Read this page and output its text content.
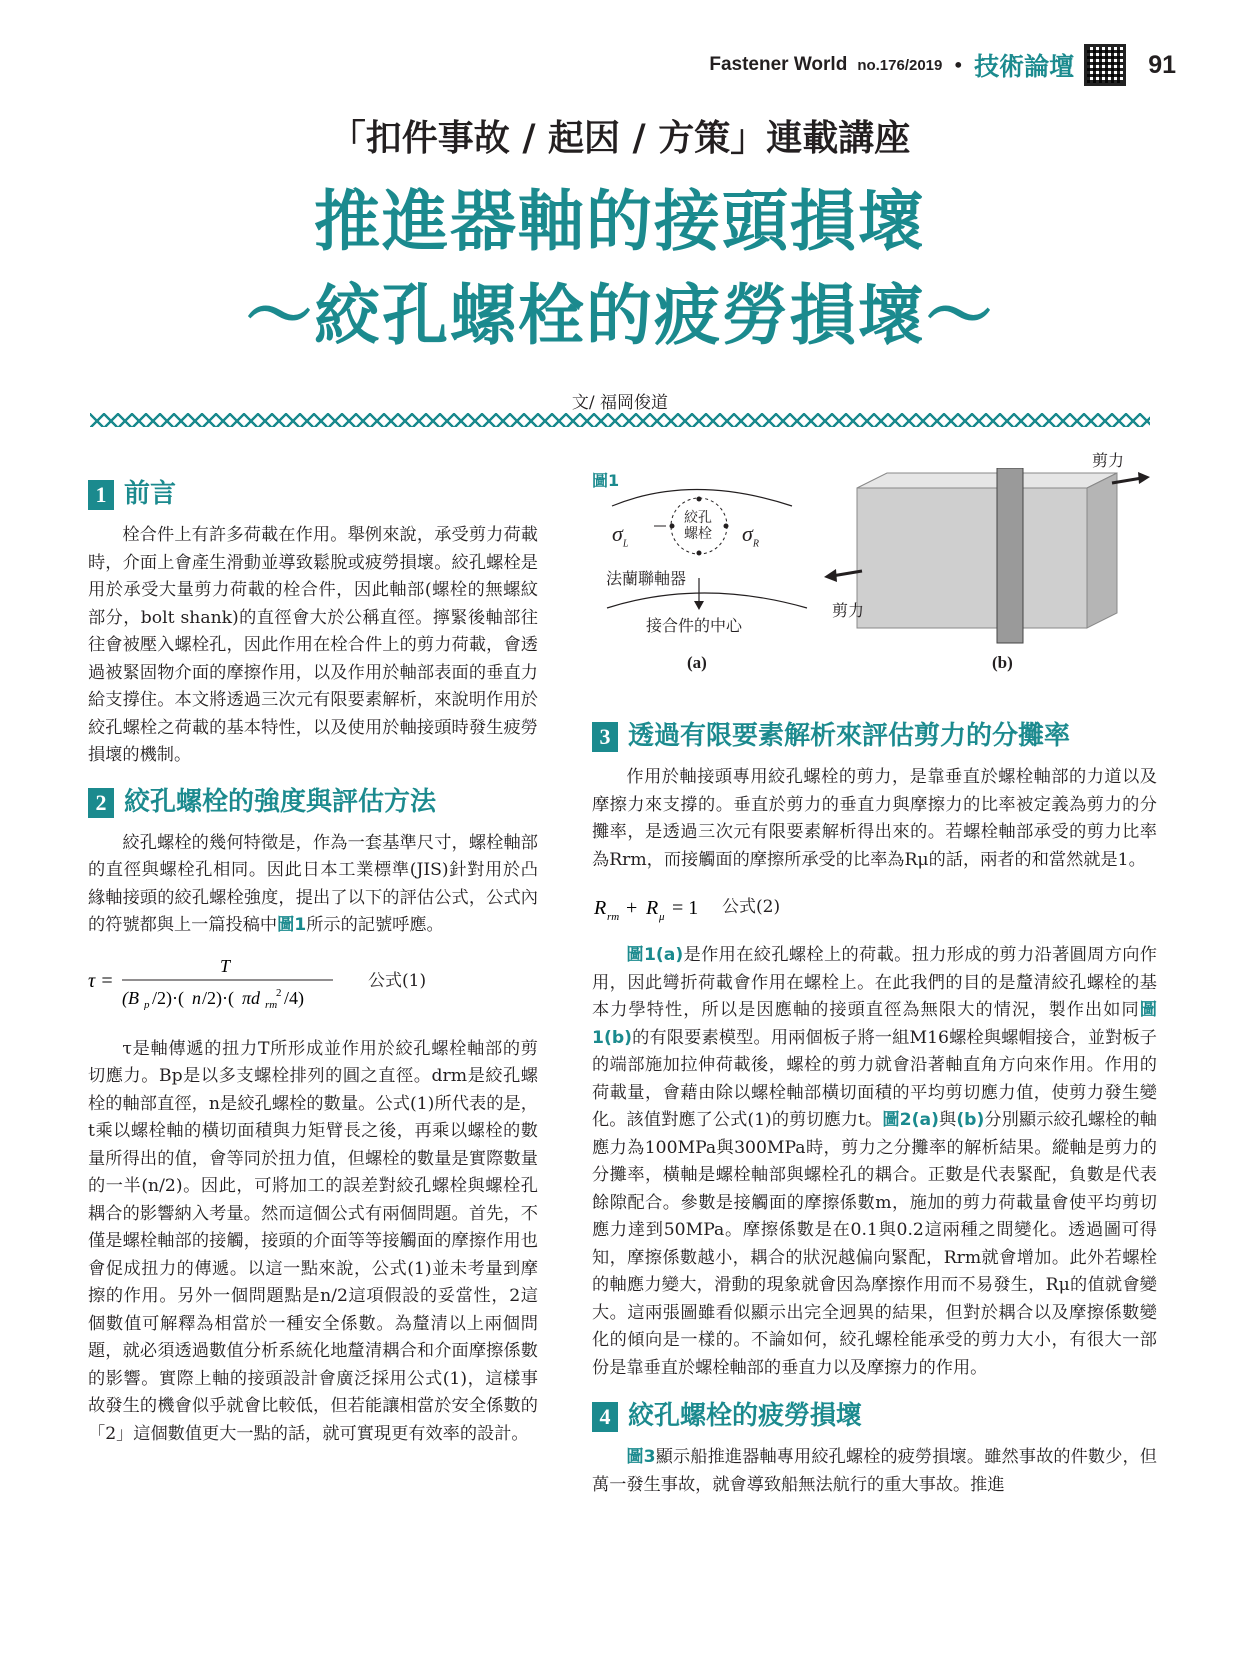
Fastener World no.176/2019 • 技術論壇	91
「扣件事故 / 起因 / 方策」連載講座
推進器軸的接頭損壞
～絞孔螺栓的疲勞損壞～
文/ 福岡俊道
1 前言

栓合件上有許多荷載在作用。舉例來說，承受剪力荷載時，介面上會產生滑動並導致鬆脫或疲勞損壞。絞孔螺栓是用於承受大量剪力荷載的栓合件，因此軸部(螺栓的無螺紋部分，bolt shank)的直徑會大於公稱直徑。擰緊後軸部往往會被壓入螺栓孔，因此作用在栓合件上的剪力荷載，會透過被緊固物介面的摩擦作用，以及作用於軸部表面的垂直力給支撐住。本文將透過三次元有限要素解析，來說明作用於絞孔螺栓之荷載的基本特性，以及使用於軸接頭時發生疲勞損壞的機制。

2 絞孔螺栓的強度與評估方法

絞孔螺栓的幾何特徵是，作為一套基準尺寸，螺栓軸部的直徑與螺栓孔相同。因此日本工業標準(JIS)針對用於凸緣軸接頭的絞孔螺栓強度，提出了以下的評估公式，公式內的符號都與上一篇投稿中圖1所示的記號呼應。

τ =
T
(B p /2)·( n /2)·( πd rm
2 /4)
公式(1)

τ是軸傳遞的扭力T所形成並作用於絞孔螺栓軸部的剪切應力。Bp是以多支螺栓排列的圓之直徑。drm是絞孔螺栓的軸部直徑，n是絞孔螺栓的數量。公式(1)所代表的是，t乘以螺栓軸的橫切面積與力矩臂長之後，再乘以螺栓的數量所得出的值，會等同於扭力值，但螺栓的數量是實際數量的一半(n/2)。因此，可將加工的誤差對絞孔螺栓與螺栓孔耦合的影響納入考量。然而這個公式有兩個問題。首先，不僅是螺栓軸部的接觸，接頭的介面等等接觸面的摩擦作用也會促成扭力的傳遞。以這一點來說，公式(1)並未考量到摩擦的作用。另外一個問題點是n/2這項假設的妥當性，2這個數值可解釋為相當於一種安全係數。為釐清以上兩個問題，就必須透過數值分析系統化地釐清耦合和介面摩擦係數的影響。實際上軸的接頭設計會廣泛採用公式(1)，這樣事故發生的機會似乎就會比較低，但若能讓相當於安全係數的「2」這個數值更大一點的話，就可實現更有效率的設計。

圖1
$\sigma_L$	$\sigma_R$
絞孔
螺栓
法蘭聯軸器
接合件的中心
剪力
剪力
(a)	(b)
3 透過有限要素解析來評估剪力的分攤率

作用於軸接頭專用絞孔螺栓的剪力，是靠垂直於螺栓軸部的力道以及摩擦力來支撐的。垂直於剪力的垂直力與摩擦力的比率被定義為剪力的分攤率，是透過三次元有限要素解析得出來的。若螺栓軸部承受的剪力比率為Rrm，而接觸面的摩擦所承受的比率為Rμ的話，兩者的和當然就是1。

R rm + R μ = 1 公式(2)

圖1(a)是作用在絞孔螺栓上的荷載。扭力形成的剪力沿著圓周方向作用，因此彎折荷載會作用在螺栓上。在此我們的目的是釐清絞孔螺栓的基本力學特性，所以是因應軸的接頭直徑為無限大的情況，製作出如同圖1(b)的有限要素模型。用兩個板子將一組M16螺栓與螺帽接合，並對板子的端部施加拉伸荷載後，螺栓的剪力就會沿著軸直角方向來作用。作用的荷載量，會藉由除以螺栓軸部橫切面積的平均剪切應力值，使剪力發生變化。該值對應了公式(1)的剪切應力t。圖2(a)與(b)分別顯示絞孔螺栓的軸應力為100MPa與300MPa時，剪力之分攤率的解析結果。縱軸是剪力的分攤率，橫軸是螺栓軸部與螺栓孔的耦合。正數是代表緊配，負數是代表餘隙配合。參數是接觸面的摩擦係數m，施加的剪力荷載量會使平均剪切應力達到50MPa。摩擦係數是在0.1與0.2這兩種之間變化。透過圖可得知，摩擦係數越小，耦合的狀況越偏向緊配，Rrm就會增加。此外若螺栓的軸應力變大，滑動的現象就會因為摩擦作用而不易發生，Rμ的值就會變大。這兩張圖雖看似顯示出完全迥異的結果，但對於耦合以及摩擦係數變化的傾向是一樣的。不論如何，絞孔螺栓能承受的剪力大小，有很大一部份是靠垂直於螺栓軸部的垂直力以及摩擦力的作用。

4 絞孔螺栓的疲勞損壞

圖3顯示船推進器軸專用絞孔螺栓的疲勞損壞。雖然事故的件數少，但萬一發生事故，就會導致船無法航行的重大事故。推進
